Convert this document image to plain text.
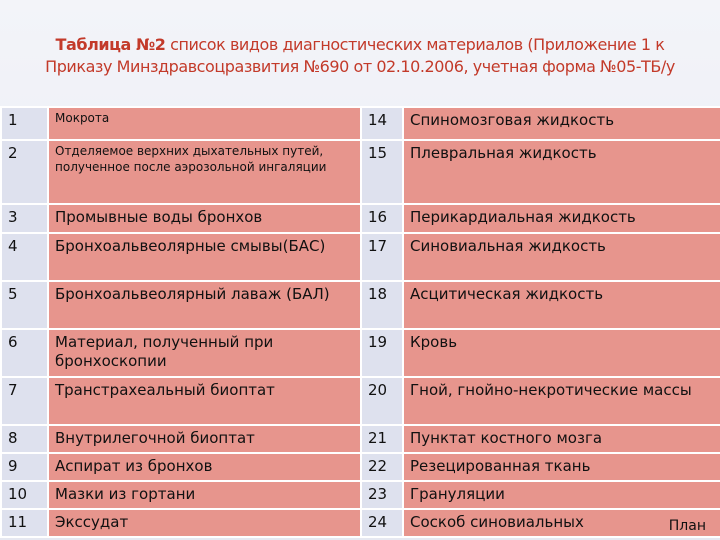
Таблица №2 список видов диагностических материалов (Приложение 1 к Приказу Минздравсоцразвития №690 от 02.10.2006, учетная форма №05-ТБ/у
1	Мокрота	14	Спиномозговая жидкость
2	Отделяемое верхних дыхательных путей, полученное после аэрозольной ингаляции	15	Плевральная жидкость
3	Промывные воды бронхов	16	Перикардиальная жидкость
4	Бронхоальвеолярные смывы(БАС)	17	Синовиальная жидкость
5	Бронхоальвеолярный лаваж (БАЛ)	18	Асцитическая жидкость
6	Материал, полученный при бронхоскопии	19	Кровь
7	Транстрахеальный биоптат	20	Гной, гнойно-некротические массы
8	Внутрилегочной биоптат	21	Пунктат костного мозга
9	Аспират из бронхов	22	Резецированная ткань
10	Мазки из гортани	23	Грануляции
11	Экссудат	24	Соскоб синовиальных	План
